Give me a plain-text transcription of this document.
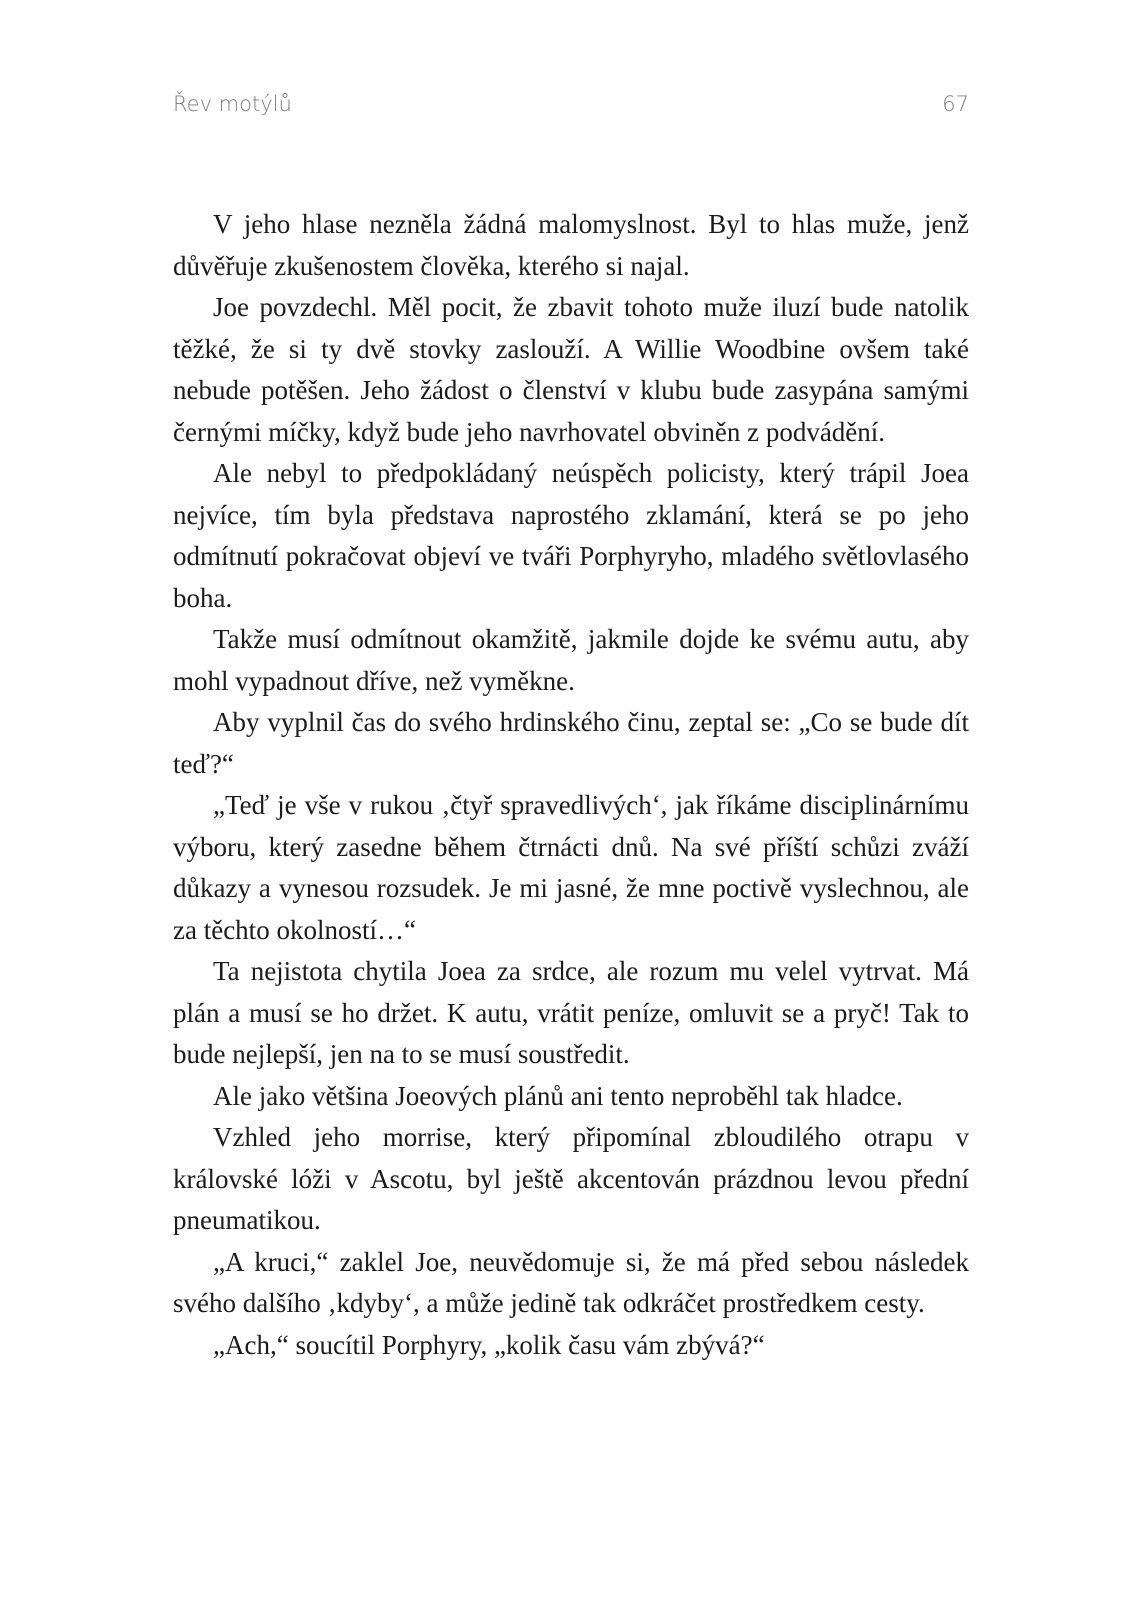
Řev motýlů	67

V jeho hlase nezněla žádná malomyslnost. Byl to hlas muže, jenž důvěřuje zkušenostem člověka, kterého si najal.

Joe povzdechl. Měl pocit, že zbavit tohoto muže iluzí bude natolik těžké, že si ty dvě stovky zaslouží. A Willie Woodbine ovšem také nebude potěšen. Jeho žádost o členství v klubu bude zasypána samými černými míčky, když bude jeho navrhovatel obviněn z podvádění.

Ale nebyl to předpokládaný neúspěch policisty, který trápil Joea nejvíce, tím byla představa naprostého zklamání, která se po jeho odmítnutí pokračovat objeví ve tváři Porphyryho, mladého světlovlasého boha.

Takže musí odmítnout okamžitě, jakmile dojde ke svému autu, aby mohl vypadnout dříve, než vyměkne.

Aby vyplnil čas do svého hrdinského činu, zeptal se: „Co se bude dít teď?“

„Teď je vše v rukou ‚čtyř spravedlivých‘, jak říkáme disciplinárnímu výboru, který zasedne během čtrnácti dnů. Na své příští schůzi zváží důkazy a vynesou rozsudek. Je mi jasné, že mne poctivě vyslechnou, ale za těchto okolností…“

Ta nejistota chytila Joea za srdce, ale rozum mu velel vytrvat. Má plán a musí se ho držet. K autu, vrátit peníze, omluvit se a pryč! Tak to bude nejlepší, jen na to se musí soustředit.

Ale jako většina Joeových plánů ani tento neproběhl tak hladce.

Vzhled jeho morrise, který připomínal zbloudilého otrapu v královské lóži v Ascotu, byl ještě akcentován prázdnou levou přední pneumatikou.

„A kruci,“ zaklel Joe, neuvědomuje si, že má před sebou následek svého dalšího ‚kdyby‘, a může jedině tak odkráčet prostředkem cesty.

„Ach,“ soucítil Porphyry, „kolik času vám zbývá?“
